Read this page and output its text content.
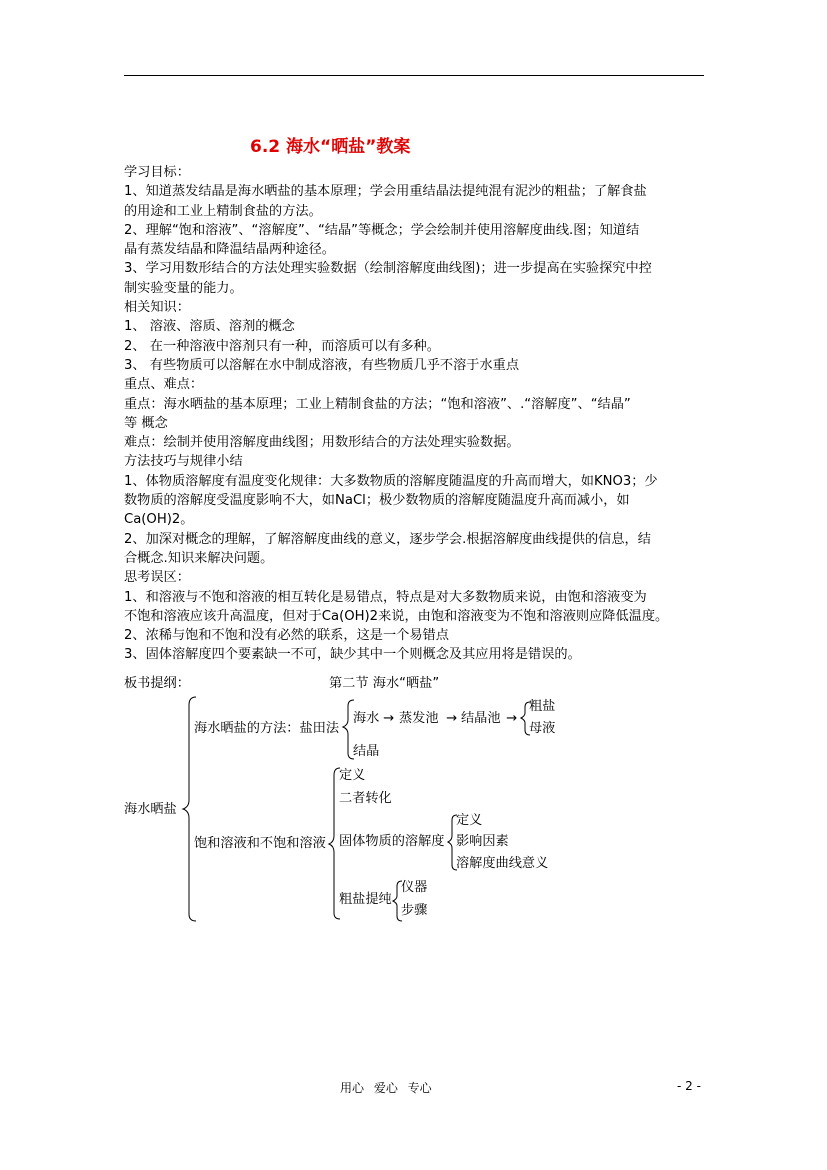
6.2 海水“晒盐”教案

学习目标：

1、知道蒸发结晶是海水晒盐的基本原理；学会用重结晶法提纯混有泥沙的粗盐；了解食盐

的用途和工业上精制食盐的方法。

2、理解“饱和溶液”、“溶解度”、“结晶”等概念；学会绘制并使用溶解度曲线.图；知道结

晶有蒸发结晶和降温结晶两种途径。

3、学习用数形结合的方法处理实验数据（绘制溶解度曲线图)；进一步提高在实验探究中控

制实验变量的能力。

相关知识：

1、 溶液、溶质、溶剂的概念

2、 在一种溶液中溶剂只有一种，而溶质可以有多种。

3、 有些物质可以溶解在水中制成溶液，有些物质几乎不溶于水重点

重点、难点：

重点：海水晒盐的基本原理；工业上精制食盐的方法；“饱和溶液”、.“溶解度”、“结晶”

等 概念

难点：绘制并使用溶解度曲线图；用数形结合的方法处理实验数据。

方法技巧与规律小结

1、体物质溶解度有温度变化规律：大多数物质的溶解度随温度的升高而增大，如KNO3；少

数物质的溶解度受温度影响不大，如NaCl；极少数物质的溶解度随温度升高而减小，如

Ca(OH)2。

2、加深对概念的理解，了解溶解度曲线的意义，逐步学会.根据溶解度曲线提供的信息，结

合概念.知识来解决问题。

思考误区：

1、和溶液与不饱和溶液的相互转化是易错点，特点是对大多数物质来说，由饱和溶液变为

不饱和溶液应该升高温度，但对于Ca(OH)2来说，由饱和溶液变为不饱和溶液则应降低温度。

2、浓稀与饱和不饱和没有必然的联系，这是一个易错点

3、固体溶解度四个要素缺一不可，缺少其中一个则概念及其应用将是错误的。

板书提纲：	第二节 海水“晒盐”
海水晒盐
海水晒盐的方法：盐田法
海水 → 蒸发池 → 结晶池 →
粗盐
母液
结晶
饱和溶液和不饱和溶液
定义
二者转化
固体物质的溶解度
定义
影响因素
溶解度曲线意义
粗盐提纯
仪器
步骤
用心 爱心 专心	- 2 -
